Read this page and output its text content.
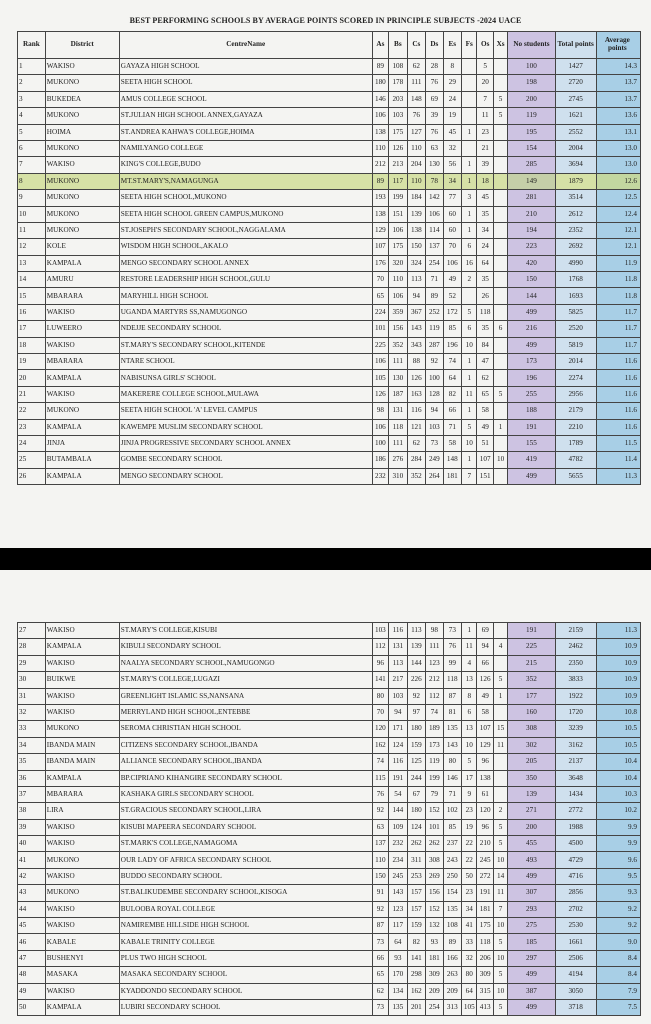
BEST PERFORMING SCHOOLS BY AVERAGE POINTS SCORED IN PRINCIPLE SUBJECTS -2024 UACE
Rank	District	CentreName	As	Bs	Cs	Ds	Es	Fs	Os	Xs	No students	Total points	Average points
1	WAKISO	GAYAZA HIGH SCHOOL	89	108	62	28	8		5		100	1427	14.3
2	MUKONO	SEETA HIGH SCHOOL	180	178	111	76	29		20		198	2720	13.7
3	BUKEDEA	AMUS COLLEGE SCHOOL	146	203	148	69	24		7	5	200	2745	13.7
4	MUKONO	ST.JULIAN HIGH SCHOOL ANNEX,GAYAZA	106	103	76	39	19		11	5	119	1621	13.6
5	HOIMA	ST.ANDREA KAHWA'S COLLEGE,HOIMA	138	175	127	76	45	1	23		195	2552	13.1
6	MUKONO	NAMILYANGO COLLEGE	110	126	110	63	32		21		154	2004	13.0
7	WAKISO	KING'S COLLEGE,BUDO	212	213	204	130	56	1	39		285	3694	13.0
8	MUKONO	MT.ST.MARY'S,NAMAGUNGA	89	117	110	78	34	1	18		149	1879	12.6
9	MUKONO	SEETA HIGH SCHOOL,MUKONO	193	199	184	142	77	3	45		281	3514	12.5
10	MUKONO	SEETA HIGH SCHOOL GREEN CAMPUS,MUKONO	138	151	139	106	60	1	35		210	2612	12.4
11	MUKONO	ST.JOSEPH'S SECONDARY SCHOOL,NAGGALAMA	129	106	138	114	60	1	34		194	2352	12.1
12	KOLE	WISDOM HIGH SCHOOL,AKALO	107	175	150	137	70	6	24		223	2692	12.1
13	KAMPALA	MENGO SECONDARY SCHOOL ANNEX	176	320	324	254	106	16	64		420	4990	11.9
14	AMURU	RESTORE LEADERSHIP HIGH SCHOOL,GULU	70	110	113	71	49	2	35		150	1768	11.8
15	MBARARA	MARYHILL HIGH SCHOOL	65	106	94	89	52		26		144	1693	11.8
16	WAKISO	UGANDA MARTYRS SS,NAMUGONGO	224	359	367	252	172	5	118		499	5825	11.7
17	LUWEERO	NDEJJE SECONDARY SCHOOL	101	156	143	119	85	6	35	6	216	2520	11.7
18	WAKISO	ST.MARY'S SECONDARY SCHOOL,KITENDE	225	352	343	287	196	10	84		499	5819	11.7
19	MBARARA	NTARE SCHOOL	106	111	88	92	74	1	47		173	2014	11.6
20	KAMPALA	NABISUNSA GIRLS' SCHOOL	105	130	126	100	64	1	62		196	2274	11.6
21	WAKISO	MAKERERE COLLEGE SCHOOL,MULAWA	126	187	163	128	82	11	65	5	255	2956	11.6
22	MUKONO	SEETA HIGH SCHOOL 'A' LEVEL CAMPUS	98	131	116	94	66	1	58		188	2179	11.6
23	KAMPALA	KAWEMPE MUSLIM SECONDARY SCHOOL	106	118	121	103	71	5	49	1	191	2210	11.6
24	JINJA	JINJA PROGRESSIVE SECONDARY SCHOOL ANNEX	100	111	62	73	58	10	51		155	1789	11.5
25	BUTAMBALA	GOMBE SECONDARY SCHOOL	186	276	284	249	148	1	107	10	419	4782	11.4
26	KAMPALA	MENGO SECONDARY SCHOOL	232	310	352	264	181	7	151		499	5655	11.3
27	WAKISO	ST.MARY'S COLLEGE,KISUBI	103	116	113	98	73	1	69		191	2159	11.3
28	KAMPALA	KIBULI SECONDARY SCHOOL	112	131	139	111	76	11	94	4	225	2462	10.9
29	WAKISO	NAALYA SECONDARY SCHOOL,NAMUGONGO	96	113	144	123	99	4	66		215	2350	10.9
30	BUIKWE	ST.MARY'S COLLEGE,LUGAZI	141	217	226	212	118	13	126	5	352	3833	10.9
31	WAKISO	GREENLIGHT ISLAMIC SS,NANSANA	80	103	92	112	87	8	49	1	177	1922	10.9
32	WAKISO	MERRYLAND HIGH SCHOOL,ENTEBBE	70	94	97	74	81	6	58		160	1720	10.8
33	MUKONO	SEROMA CHRISTIAN HIGH SCHOOL	120	171	180	189	135	13	107	15	308	3239	10.5
34	IBANDA MAIN	CITIZENS SECONDARY SCHOOL,IBANDA	162	124	159	173	143	10	129	11	302	3162	10.5
35	IBANDA MAIN	ALLIANCE SECONDARY SCHOOL,IBANDA	74	116	125	119	80	5	96		205	2137	10.4
36	KAMPALA	BP.CIPRIANO KIHANGIRE SECONDARY SCHOOL	115	191	244	199	146	17	138		350	3648	10.4
37	MBARARA	KASHAKA GIRLS SECONDARY SCHOOL	76	54	67	79	71	9	61		139	1434	10.3
38	LIRA	ST.GRACIOUS SECONDARY SCHOOL,LIRA	92	144	180	152	102	23	120	2	271	2772	10.2
39	WAKISO	KISUBI MAPEERA SECONDARY SCHOOL	63	109	124	101	85	19	96	5	200	1988	9.9
40	WAKISO	ST.MARK'S COLLEGE,NAMAGOMA	137	232	262	262	237	22	210	5	455	4500	9.9
41	MUKONO	OUR LADY OF AFRICA SECONDARY SCHOOL	110	234	311	308	243	22	245	10	493	4729	9.6
42	WAKISO	BUDDO SECONDARY SCHOOL	150	245	253	269	250	50	272	14	499	4716	9.5
43	MUKONO	ST.BALIKUDEMBE SECONDARY SCHOOL,KISOGA	91	143	157	156	154	23	191	11	307	2856	9.3
44	WAKISO	BULOOBA ROYAL COLLEGE	92	123	157	152	135	34	181	7	293	2702	9.2
45	WAKISO	NAMIREMBE HILLSIDE HIGH SCHOOL	87	117	159	132	108	41	175	10	275	2530	9.2
46	KABALE	KABALE TRINITY COLLEGE	73	64	82	93	89	33	118	5	185	1661	9.0
47	BUSHENYI	PLUS TWO HIGH SCHOOL	66	93	141	181	166	32	206	10	297	2506	8.4
48	MASAKA	MASAKA SECONDARY SCHOOL	65	170	298	309	263	80	309	5	499	4194	8.4
49	WAKISO	KYADDONDO SECONDARY SCHOOL	62	134	162	209	209	64	315	10	387	3050	7.9
50	KAMPALA	LUBIRI SECONDARY SCHOOL	73	135	201	254	313	105	413	5	499	3718	7.5
